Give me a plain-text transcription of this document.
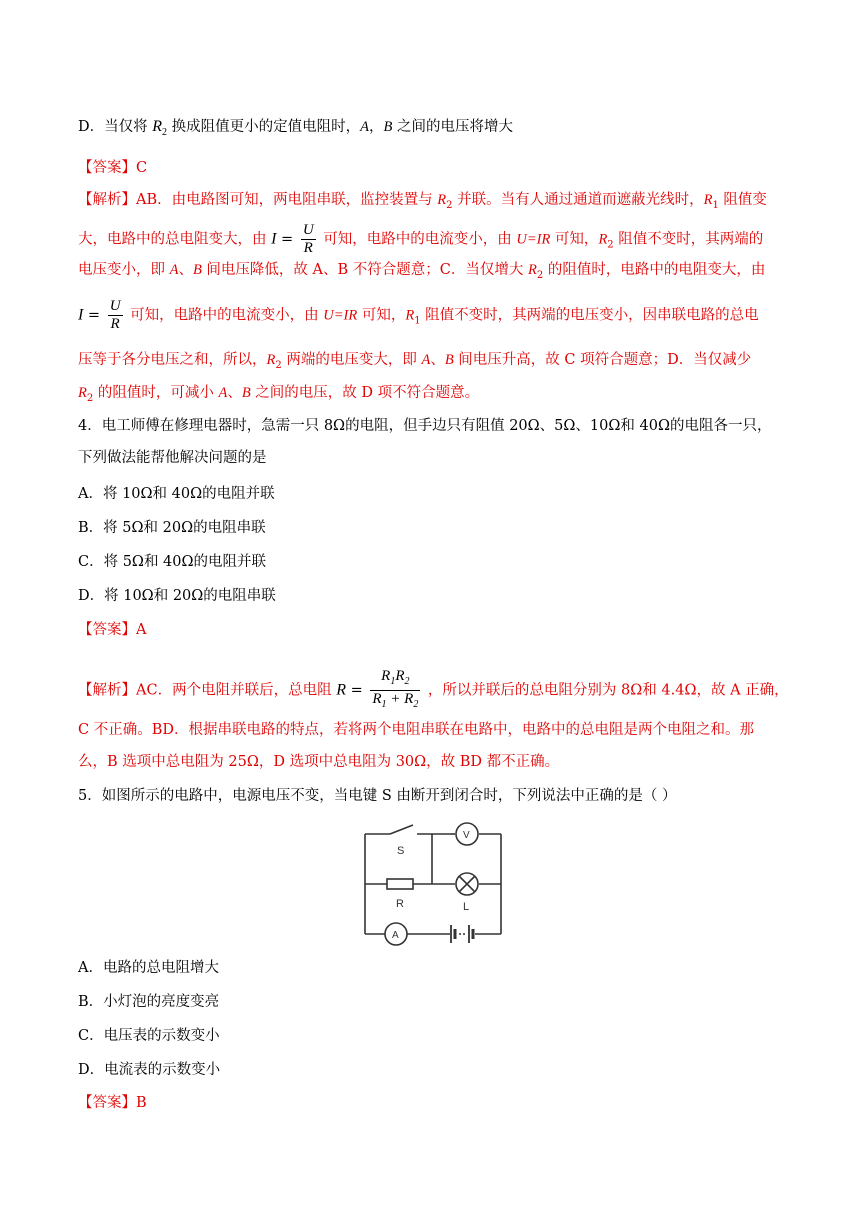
D．当仅将 $R_2$ 换成阻值更小的定值电阻时，A，B 之间的电压将增大
【答案】C
【解析】AB．由电路图可知，两电阻串联，监控装置与 $R_2$ 并联。当有人通过通道而遮蔽光线时，$R_1$ 阻值变
大，电路中的总电阻变大，由 $I = \frac{U}{R}$ 可知，电路中的电流变小，由 U=IR 可知，$R_2$ 阻值不变时，其两端的
电压变小，即 A、B 间电压降低，故 A、B 不符合题意；C．当仅增大 $R_2$ 的阻值时，电路中的电阻变大，由
$I = \frac{U}{R}$ 可知，电路中的电流变小，由 U=IR 可知，$R_1$ 阻值不变时，其两端的电压变小，因串联电路的总电
压等于各分电压之和，所以，$R_2$ 两端的电压变大，即 A、B 间电压升高，故 C 项符合题意；D．当仅减少
$R_2$ 的阻值时，可减小 A、B 之间的电压，故 D 项不符合题意。
4．电工师傅在修理电器时，急需一只 8Ω的电阻，但手边只有阻值 20Ω、5Ω、10Ω和 40Ω的电阻各一只，
下列做法能帮他解决问题的是
A．将 10Ω和 40Ω的电阻并联
B．将 5Ω和 20Ω的电阻串联
C．将 5Ω和 40Ω的电阻并联
D．将 10Ω和 20Ω的电阻串联
【答案】A
【解析】AC．两个电阻并联后，总电阻 $R = \frac{R_1R_2}{R_1 + R_2}$ ，所以并联后的总电阻分别为 8Ω和 4.4Ω，故 A 正确，
C 不正确。BD．根据串联电路的特点，若将两个电阻串联在电路中，电路中的总电阻是两个电阻之和。那
么，B 选项中总电阻为 25Ω，D 选项中总电阻为 30Ω，故 BD 都不正确。
5．如图所示的电路中，电源电压不变，当电键 S 由断开到闭合时，下列说法中正确的是（ ）
S
V
R	L
A
A．电路的总电阻增大
B．小灯泡的亮度变亮
C．电压表的示数变小
D．电流表的示数变小
【答案】B
